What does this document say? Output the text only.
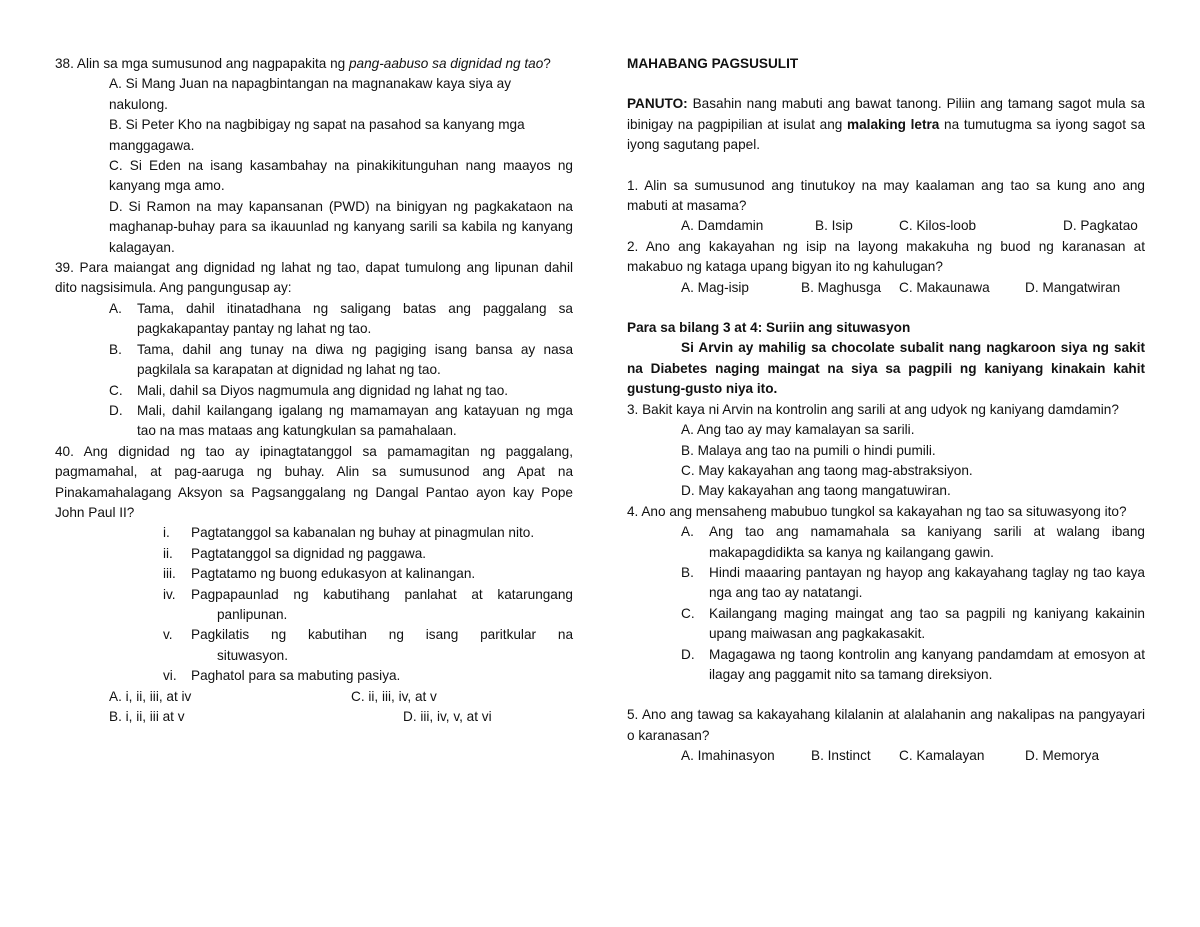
38. Alin sa mga sumusunod ang nagpapakita ng pang-aabuso sa dignidad ng tao?

A. Si Mang Juan na napagbintangan na magnanakaw kaya siya ay nakulong.

B. Si Peter Kho na nagbibigay ng sapat na pasahod sa kanyang mga manggagawa.

C. Si Eden na isang kasambahay na pinakikitunguhan nang maayos ng kanyang mga amo.

D. Si Ramon na may kapansanan (PWD) na binigyan ng pagkakataon na maghanap-buhay para sa ikauunlad ng kanyang sarili sa kabila ng kanyang kalagayan.

39. Para maiangat ang dignidad ng lahat ng tao, dapat tumulong ang lipunan dahil dito nagsisimula. Ang pangungusap ay:

A. Tama, dahil itinatadhana ng saligang batas ang paggalang sa pagkakapantay pantay ng lahat ng tao.

B. Tama, dahil ang tunay na diwa ng pagiging isang bansa ay nasa pagkilala sa karapatan at dignidad ng lahat ng tao.

C. Mali, dahil sa Diyos nagmumula ang dignidad ng lahat ng tao.

D. Mali, dahil kailangang igalang ng mamamayan ang katayuan ng mga tao na mas mataas ang katungkulan sa pamahalaan.

40. Ang dignidad ng tao ay ipinagtatanggol sa pamamagitan ng paggalang, pagmamahal, at pag-aaruga ng buhay. Alin sa sumusunod ang Apat na Pinakamahalagang Aksyon sa Pagsanggalang ng Dangal Pantao ayon kay Pope John Paul II?

i. Pagtatanggol sa kabanalan ng buhay at pinagmulan nito.

ii. Pagtatanggol sa dignidad ng paggawa.

iii. Pagtatamo ng buong edukasyon at kalinangan.

iv. Pagpapaunlad ng kabutihang panlahat at katarungang panlipunan.

v. Pagkilatis ng kabutihan ng isang paritkular na situwasyon.

vi. Paghatol para sa mabuting pasiya.

A. i, ii, iii, at iv	C. ii, iii, iv, at v
B. i, ii, iii at v	D. iii, iv, v, at vi

MAHABANG PAGSUSULIT

PANUTO: Basahin nang mabuti ang bawat tanong. Piliin ang tamang sagot mula sa ibinigay na pagpipilian at isulat ang malaking letra na tumutugma sa iyong sagot sa iyong sagutang papel.

1. Alin sa sumusunod ang tinutukoy na may kaalaman ang tao sa kung ano ang mabuti at masama?

A. Damdamin	B. Isip	C. Kilos-loob	D. Pagkatao

2. Ano ang kakayahan ng isip na layong makakuha ng buod ng karanasan at makabuo ng kataga upang bigyan ito ng kahulugan?

A. Mag-isip	B. Maghusga	C. Makaunawa	D. Mangatwiran

Para sa bilang 3 at 4: Suriin ang situwasyon

Si Arvin ay mahilig sa chocolate subalit nang nagkaroon siya ng sakit na Diabetes naging maingat na siya sa pagpili ng kaniyang kinakain kahit gustung-gusto niya ito.

3. Bakit kaya ni Arvin na kontrolin ang sarili at ang udyok ng kaniyang damdamin?

A. Ang tao ay may kamalayan sa sarili.

B. Malaya ang tao na pumili o hindi pumili.

C. May kakayahan ang taong mag-abstraksiyon.

D. May kakayahan ang taong mangatuwiran.

4. Ano ang mensaheng mabubuo tungkol sa kakayahan ng tao sa situwasyong ito?

A. Ang tao ang namamahala sa kaniyang sarili at walang ibang makapagdidikta sa kanya ng kailangang gawin.

B. Hindi maaaring pantayan ng hayop ang kakayahang taglay ng tao kaya nga ang tao ay natatangi.

C. Kailangang maging maingat ang tao sa pagpili ng kaniyang kakainin upang maiwasan ang pagkakasakit.

D. Magagawa ng taong kontrolin ang kanyang pandamdam at emosyon at ilagay ang paggamit nito sa tamang direksiyon.

5. Ano ang tawag sa kakayahang kilalanin at alalahanin ang nakalipas na pangyayari o karanasan?

A. Imahinasyon	B. Instinct	C. Kamalayan	D. Memorya
